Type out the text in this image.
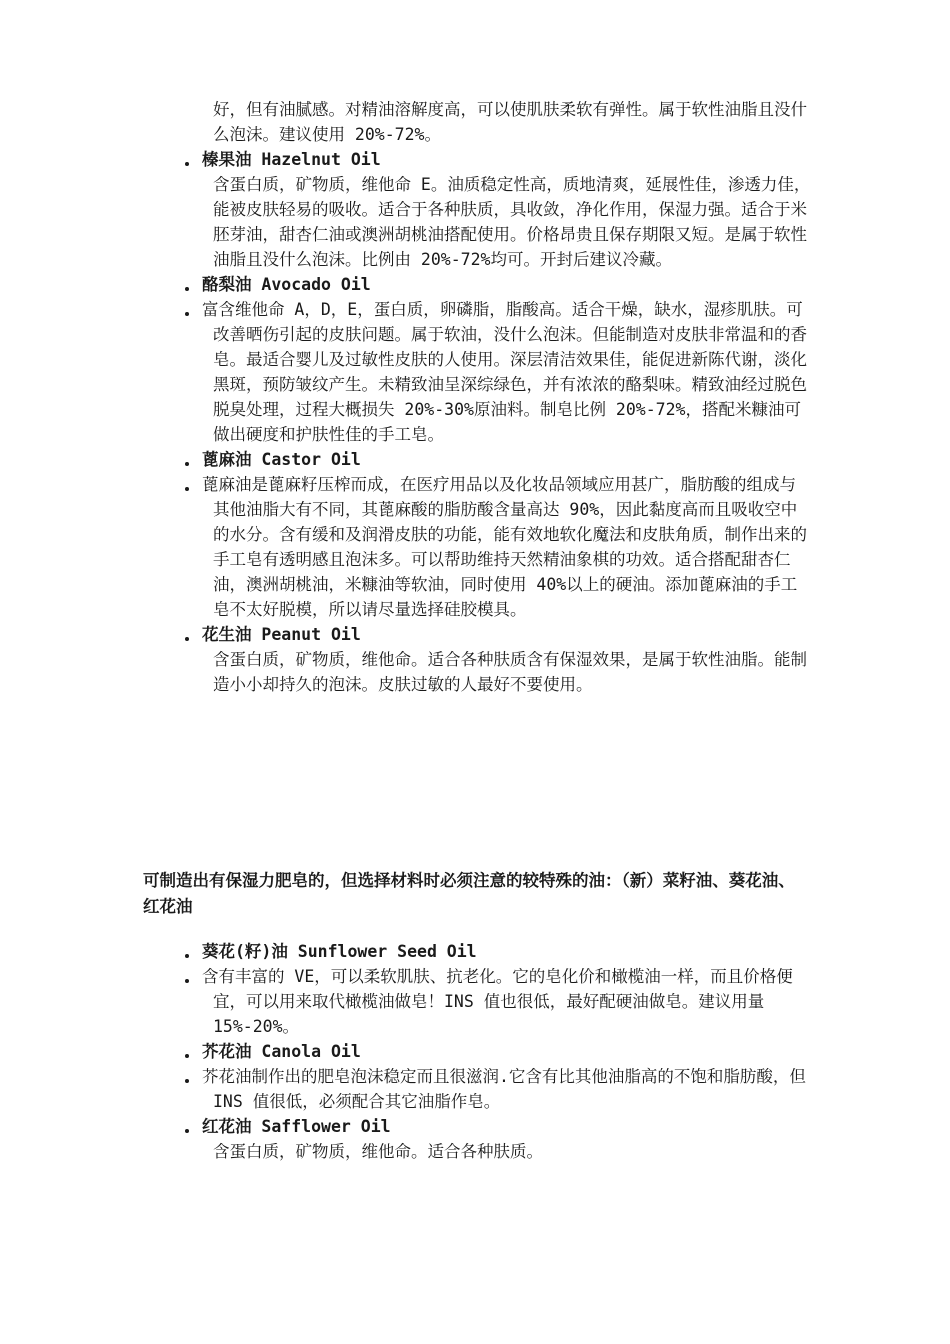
好，但有油腻感。对精油溶解度高，可以使肌肤柔软有弹性。属于软性油脂且没什么泡沫。建议使用 20%-72%。
榛果油 Hazelnut Oil
含蛋白质，矿物质，维他命 E。油质稳定性高，质地清爽，延展性佳，渗透力佳，能被皮肤轻易的吸收。适合于各种肤质，具收敛，净化作用，保湿力强。适合于米胚芽油，甜杏仁油或澳洲胡桃油搭配使用。价格昂贵且保存期限又短。是属于软性油脂且没什么泡沫。比例由 20%-72%均可。开封后建议冷藏。
酪梨油 Avocado Oil
富含维他命 A，D，E，蛋白质，卵磷脂，脂酸高。适合干燥，缺水，湿疹肌肤。可改善晒伤引起的皮肤问题。属于软油，没什么泡沫。但能制造对皮肤非常温和的香皂。最适合婴儿及过敏性皮肤的人使用。深层清洁效果佳，能促进新陈代谢，淡化黑斑，预防皱纹产生。未精致油呈深综绿色，并有浓浓的酪梨味。精致油经过脱色脱臭处理，过程大概损失 20%-30%原油料。制皂比例 20%-72%，搭配米糠油可做出硬度和护肤性佳的手工皂。
蓖麻油 Castor Oil
蓖麻油是蓖麻籽压榨而成，在医疗用品以及化妆品领域应用甚广，脂肪酸的组成与其他油脂大有不同，其蓖麻酸的脂肪酸含量高达 90%，因此黏度高而且吸收空中的水分。含有缓和及润滑皮肤的功能，能有效地软化魔法和皮肤角质，制作出来的手工皂有透明感且泡沫多。可以帮助维持天然精油象棋的功效。适合搭配甜杏仁油，澳洲胡桃油，米糠油等软油，同时使用 40%以上的硬油。添加蓖麻油的手工皂不太好脱模，所以请尽量选择硅胶模具。
花生油 Peanut Oil
含蛋白质，矿物质，维他命。适合各种肤质含有保湿效果，是属于软性油脂。能制造小小却持久的泡沫。皮肤过敏的人最好不要使用。

可制造出有保湿力肥皂的，但选择材料时必须注意的较特殊的油：（新）菜籽油、葵花油、红花油

葵花(籽)油 Sunflower Seed Oil
含有丰富的 VE，可以柔软肌肤、抗老化。它的皂化价和橄榄油一样，而且价格便宜，可以用来取代橄榄油做皂！INS 值也很低，最好配硬油做皂。建议用量 15%-20%。
芥花油 Canola Oil
芥花油制作出的肥皂泡沫稳定而且很滋润.它含有比其他油脂高的不饱和脂肪酸，但 INS 值很低，必须配合其它油脂作皂。
红花油 Safflower Oil
含蛋白质，矿物质，维他命。适合各种肤质。
